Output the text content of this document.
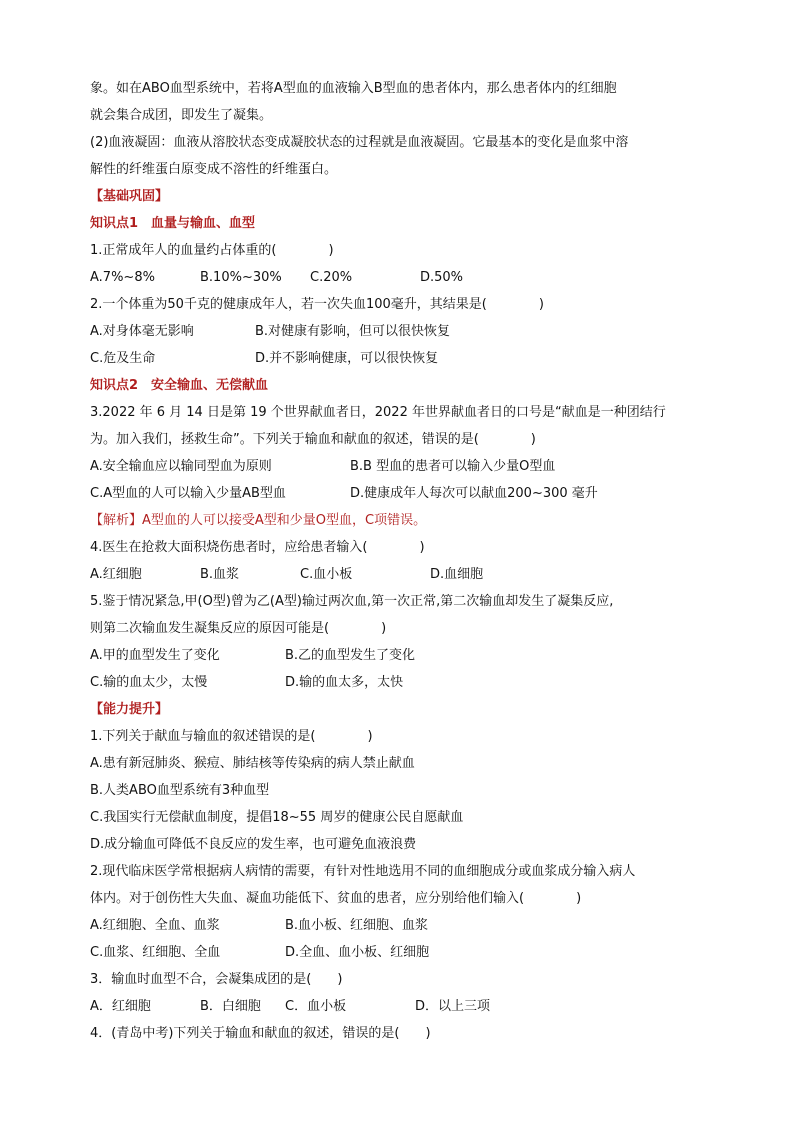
象。如在ABO血型系统中，若将A型血的血液输入B型血的患者体内，那么患者体内的红细胞
就会集合成团，即发生了凝集。
(2)血液凝固：血液从溶胶状态变成凝胶状态的过程就是血液凝固。它最基本的变化是血浆中溶
解性的纤维蛋白原变成不溶性的纤维蛋白。
【基础巩固】
知识点1　血量与输血、血型
1.正常成年人的血量约占体重的(　　　　)
A.7%~8%	B.10%~30%	C.20%	D.50%
2.一个体重为50千克的健康成年人，若一次失血100毫升，其结果是(　　　　)
A.对身体毫无影响	B.对健康有影响，但可以很快恢复
C.危及生命	D.并不影响健康，可以很快恢复
知识点2　安全输血、无偿献血
3.2022 年 6 月 14 日是第 19 个世界献血者日，2022 年世界献血者日的口号是“献血是一种团结行
为。加入我们，拯救生命”。下列关于输血和献血的叙述，错误的是(　　　　)
A.安全输血应以输同型血为原则	B.B 型血的患者可以输入少量O型血
C.A型血的人可以输入少量AB型血	D.健康成年人每次可以献血200~300 毫升
【解析】A型血的人可以接受A型和少量O型血，C项错误。
4.医生在抢救大面积烧伤患者时，应给患者输入(　　　　)
A.红细胞	B.血浆	C.血小板	D.血细胞
5.鉴于情况紧急,甲(O型)曾为乙(A型)输过两次血,第一次正常,第二次输血却发生了凝集反应,
则第二次输血发生凝集反应的原因可能是(　　　　)
A.甲的血型发生了变化	B.乙的血型发生了变化
C.输的血太少，太慢	D.输的血太多，太快
【能力提升】
1.下列关于献血与输血的叙述错误的是(　　　　)
A.患有新冠肺炎、猴痘、肺结核等传染病的病人禁止献血
B.人类ABO血型系统有3种血型
C.我国实行无偿献血制度，提倡18~55 周岁的健康公民自愿献血
D.成分输血可降低不良反应的发生率，也可避免血液浪费
2.现代临床医学常根据病人病情的需要，有针对性地选用不同的血细胞成分或血浆成分输入病人
体内。对于创伤性大失血、凝血功能低下、贫血的患者，应分别给他们输入(　　　　)
A.红细胞、全血、血浆	B.血小板、红细胞、血浆
C.血浆、红细胞、全血	D.全血、血小板、红细胞
3．输血时血型不合，会凝集成团的是(　　)
A．红细胞	B．白细胞	C．血小板	D．以上三项
4．(青岛中考)下列关于输血和献血的叙述，错误的是(　　)
